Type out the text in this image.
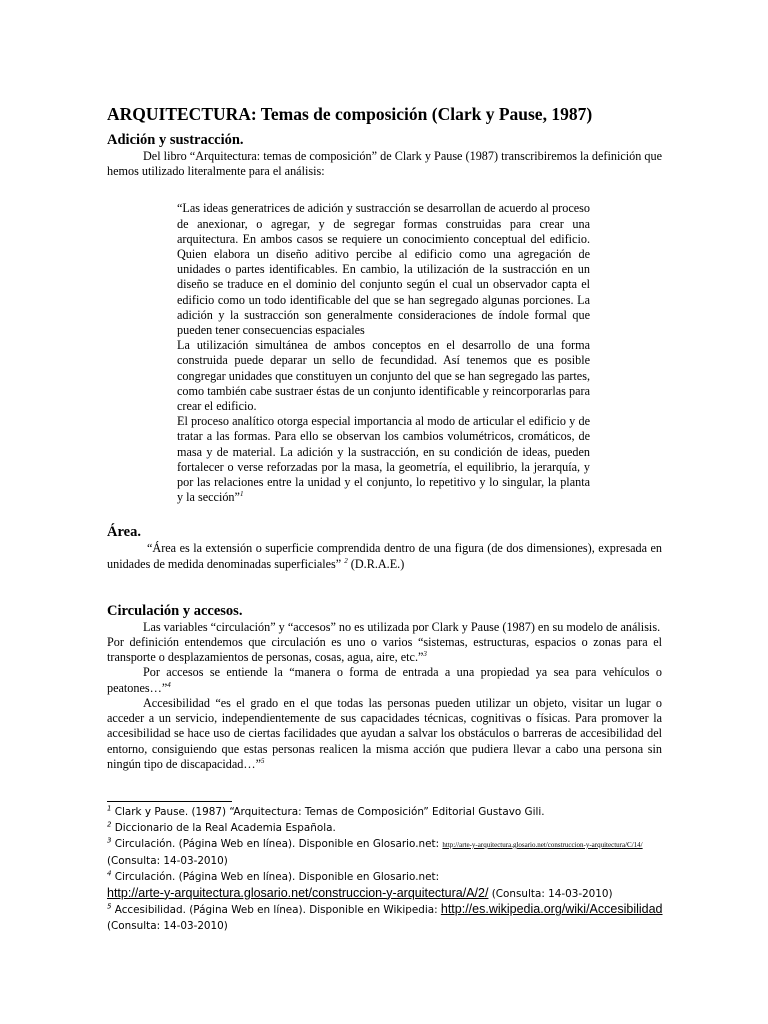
ARQUITECTURA: Temas de composición (Clark y Pause, 1987)
Adición y sustracción.

Del libro “Arquitectura: temas de composición” de Clark y Pause (1987) transcribiremos la definición que hemos utilizado literalmente para el análisis:

“Las ideas generatrices de adición y sustracción se desarrollan de acuerdo al proceso de anexionar, o agregar, y de segregar formas construidas para crear una arquitectura. En ambos casos se requiere un conocimiento conceptual del edificio. Quien elabora un diseño aditivo percibe al edificio como una agregación de unidades o partes identificables. En cambio, la utilización de la sustracción en un diseño se traduce en el dominio del conjunto según el cual un observador capta el edificio como un todo identificable del que se han segregado algunas porciones. La adición y la sustracción son generalmente consideraciones de índole formal que pueden tener consecuencias espaciales

La utilización simultánea de ambos conceptos en el desarrollo de una forma construida puede deparar un sello de fecundidad. Así tenemos que es posible congregar unidades que constituyen un conjunto del que se han segregado las partes, como también cabe sustraer éstas de un conjunto identificable y reincorporarlas para crear el edificio.

El proceso analítico otorga especial importancia al modo de articular el edificio y de tratar a las formas. Para ello se observan los cambios volumétricos, cromáticos, de masa y de material. La adición y la sustracción, en su condición de ideas, pueden fortalecer o verse reforzadas por la masa, la geometría, el equilibrio, la jerarquía, y por las relaciones entre la unidad y el conjunto, lo repetitivo y lo singular, la planta y la sección”$^1$

Área.

“Área es la extensión o superficie comprendida dentro de una figura (de dos dimensiones), expresada en unidades de medida denominadas superficiales” $^2$ (D.R.A.E.)

Circulación y accesos.

Las variables “circulación” y “accesos” no es utilizada por Clark y Pause (1987) en su modelo de análisis.

Por definición entendemos que circulación es uno o varios “sistemas, estructuras, espacios o zonas para el transporte o desplazamientos de personas, cosas, agua, aire, etc.”$^3$

Por accesos se entiende la “manera o forma de entrada a una propiedad ya sea para vehículos o peatones…”$^4$

Accesibilidad “es el grado en el que todas las personas pueden utilizar un objeto, visitar un lugar o acceder a un servicio, independientemente de sus capacidades técnicas, cognitivas o físicas. Para promover la accesibilidad se hace uso de ciertas facilidades que ayudan a salvar los obstáculos o barreras de accesibilidad del entorno, consiguiendo que estas personas realicen la misma acción que pudiera llevar a cabo una persona sin ningún tipo de discapacidad…”$^5$

$^1$ Clark y Pause. (1987) “Arquitectura: Temas de Composición” Editorial Gustavo Gili.
$^2$ Diccionario de la Real Academia Española.
$^3$ Circulación. (Página Web en línea). Disponible en Glosario.net: http://arte-y-arquitectura.glosario.net/construccion-y-arquitectura/C/14/
(Consulta: 14-03-2010)
$^4$ Circulación. (Página Web en línea). Disponible en Glosario.net:
http://arte-y-arquitectura.glosario.net/construccion-y-arquitectura/A/2/ (Consulta: 14-03-2010)
$^5$ Accesibilidad. (Página Web en línea). Disponible en Wikipedia: http://es.wikipedia.org/wiki/Accesibilidad
(Consulta: 14-03-2010)
